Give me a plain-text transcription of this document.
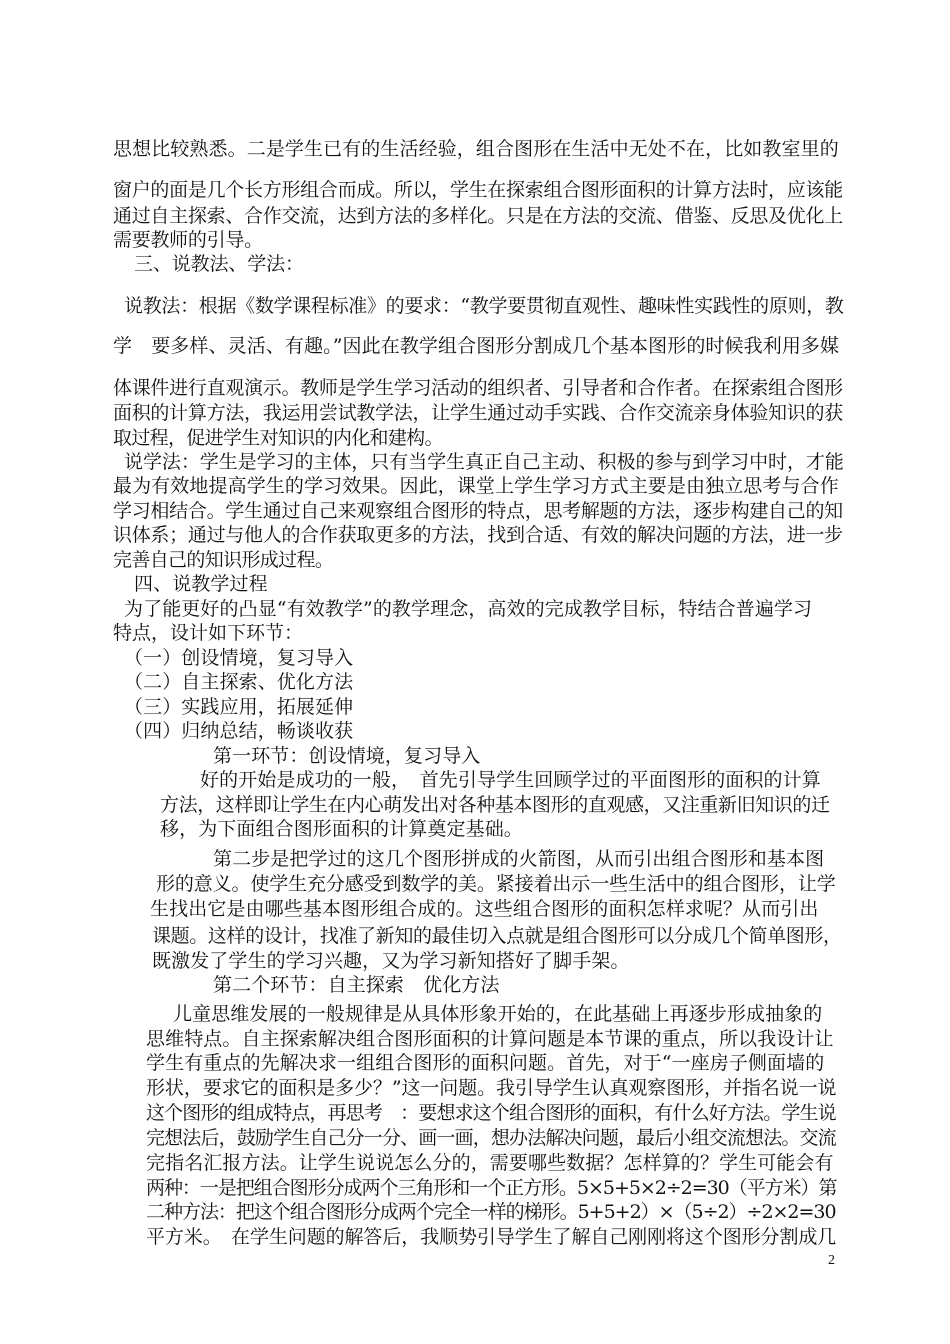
思想比较熟悉。二是学生已有的生活经验，组合图形在生活中无处不在，比如教室里的
窗户的面是几个长方形组合而成。所以，学生在探索组合图形面积的计算方法时，应该能
通过自主探索、合作交流，达到方法的多样化。只是在方法的交流、借鉴、反思及优化上
需要教师的引导。
三、说教法、学法：
说教法：根据《数学课程标准》的要求：“教学要贯彻直观性、趣味性实践性的原则，教
学　要多样、灵活、有趣。”因此在教学组合图形分割成几个基本图形的时候我利用多媒
体课件进行直观演示。教师是学生学习活动的组织者、引导者和合作者。在探索组合图形
面积的计算方法，我运用尝试教学法，让学生通过动手实践、合作交流亲身体验知识的获
取过程，促进学生对知识的内化和建构。
说学法：学生是学习的主体，只有当学生真正自己主动、积极的参与到学习中时，才能
最为有效地提高学生的学习效果。因此，课堂上学生学习方式主要是由独立思考与合作
学习相结合。学生通过自己来观察组合图形的特点，思考解题的方法，逐步构建自己的知
识体系；通过与他人的合作获取更多的方法，找到合适、有效的解决问题的方法，进一步
完善自己的知识形成过程。
四、说教学过程
为了能更好的凸显“有效教学”的教学理念，高效的完成教学目标，特结合普遍学习
特点，设计如下环节：
（一）创设情境，复习导入
（二）自主探索、优化方法
（三）实践应用，拓展延伸
（四）归纳总结，畅谈收获
第一环节：创设情境，复习导入
好的开始是成功的一般，　首先引导学生回顾学过的平面图形的面积的计算
方法，这样即让学生在内心萌发出对各种基本图形的直观感，又注重新旧知识的迁
移，为下面组合图形面积的计算奠定基础。
第二步是把学过的这几个图形拼成的火箭图，从而引出组合图形和基本图
形的意义。使学生充分感受到数学的美。紧接着出示一些生活中的组合图形，让学
生找出它是由哪些基本图形组合成的。这些组合图形的面积怎样求呢？从而引出
课题。这样的设计，找准了新知的最佳切入点就是组合图形可以分成几个简单图形，
既激发了学生的学习兴趣，又为学习新知搭好了脚手架。
第二个环节：自主探索　优化方法
儿童思维发展的一般规律是从具体形象开始的，在此基础上再逐步形成抽象的
思维特点。自主探索解决组合图形面积的计算问题是本节课的重点，所以我设计让
学生有重点的先解决求一组组合图形的面积问题。首先，对于“一座房子侧面墙的
形状，要求它的面积是多少？”这一问题。我引导学生认真观察图形，并指名说一说
这个图形的组成特点，再思考　：要想求这个组合图形的面积，有什么好方法。学生说
完想法后，鼓励学生自己分一分、画一画，想办法解决问题，最后小组交流想法。交流
完指名汇报方法。让学生说说怎么分的，需要哪些数据？怎样算的？学生可能会有
两种：一是把组合图形分成两个三角形和一个正方形。5×5+5×2÷2=30（平方米）第
二种方法：把这个组合图形分成两个完全一样的梯形。5+5+2）×（5÷2）÷2×2=30
平方米。　在学生问题的解答后，我顺势引导学生了解自己刚刚将这个图形分割成几
2
